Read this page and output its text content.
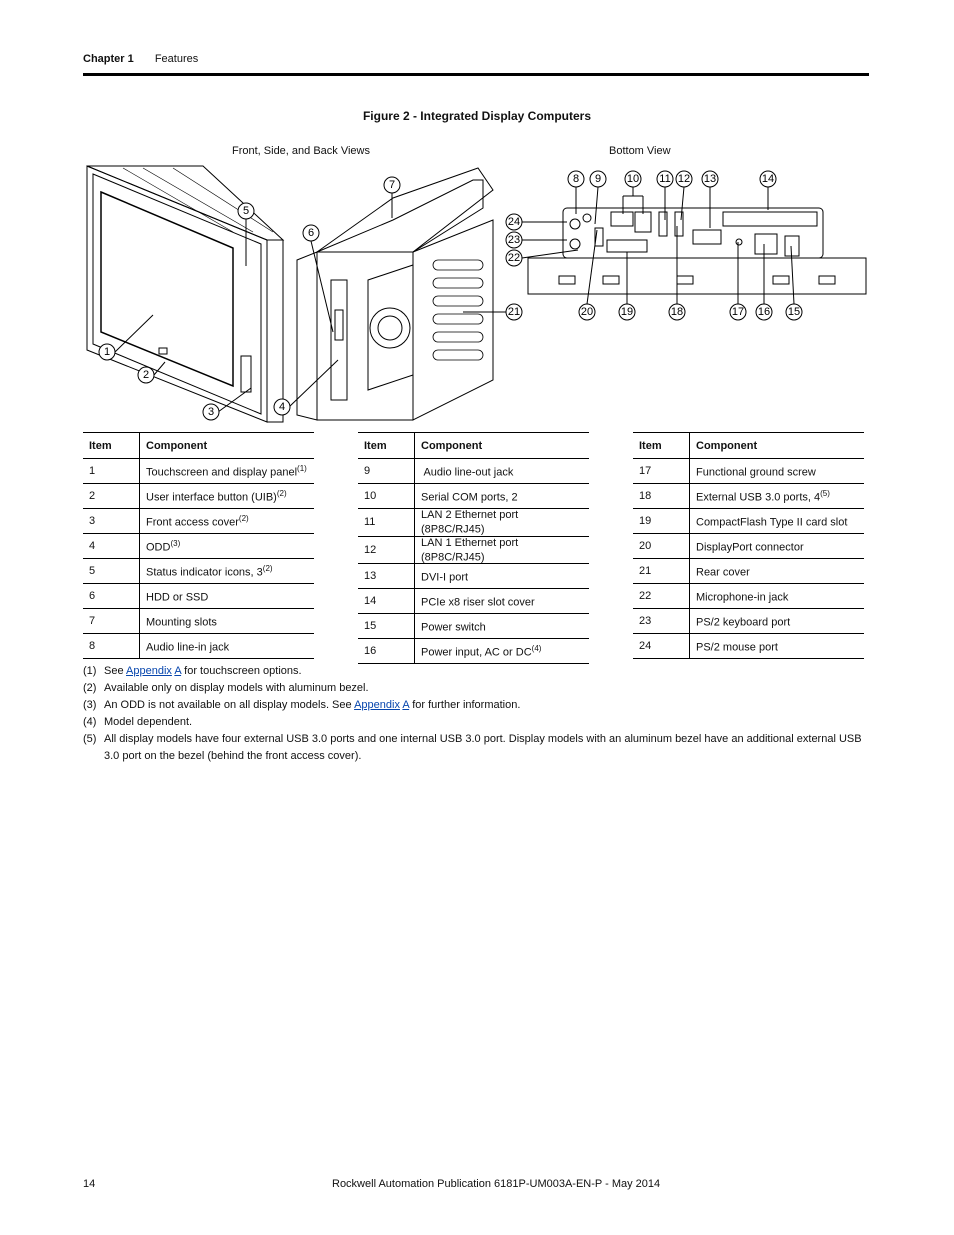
Chapter 1 Features
Figure 2 - Integrated Display Computers
Front, Side, and Back Views	Bottom View
1
2
3	4
5
6
7	8 9 10 11 12 13	14
15
16
17
18
19
20
21
22
23
24
Item	Component
1	Touchscreen and display panel$^{(1)}$
2	User interface button (UIB)$^{(2)}$
3	Front access cover$^{(2)}$
4	ODD$^{(3)}$
5	Status indicator icons, 3$^{(2)}$
6	HDD or SSD
7	Mounting slots
8	Audio line-in jack
Item	Component
9	Audio line-out jack
10	Serial COM ports, 2
11	LAN 2 Ethernet port (8P8C/RJ45)
12	LAN 1 Ethernet port (8P8C/RJ45)
13	DVI-I port
14	PCIe x8 riser slot cover
15	Power switch
16	Power input, AC or DC$^{(4)}$
Item	Component
17	Functional ground screw
18	External USB 3.0 ports, 4$^{(5)}$
19	CompactFlash Type II card slot
20	DisplayPort connector
21	Rear cover
22	Microphone-in jack
23	PS/2 keyboard port
24	PS/2 mouse port
(1) See Appendix A for touchscreen options.
(2) Available only on display models with aluminum bezel.
(3) An ODD is not available on all display models. See Appendix A for further information.
(4) Model dependent.
(5) All display models have four external USB 3.0 ports and one internal USB 3.0 port. Display models with an aluminum bezel have an additional external USB 3.0 port on the bezel (behind the front access cover).
14	Rockwell Automation Publication 6181P-UM003A-EN-P - May 2014
